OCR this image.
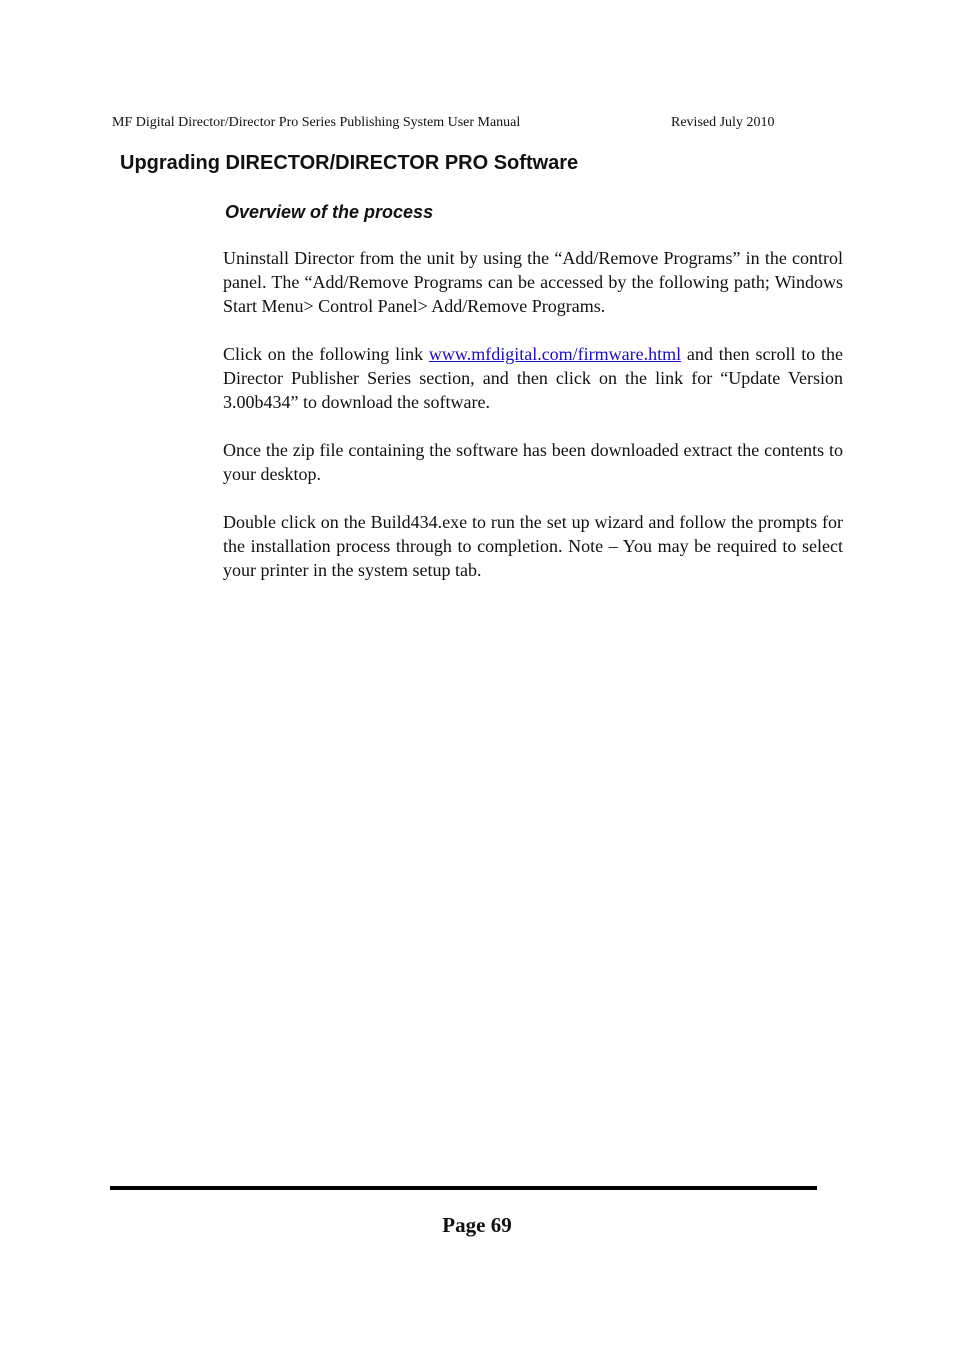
MF Digital Director/Director Pro Series Publishing System User Manual	Revised July 2010
Upgrading DIRECTOR/DIRECTOR PRO Software
Overview of the process

Uninstall Director from the unit by using the “Add/Remove Programs” in the control panel. The “Add/Remove Programs can be accessed by the following path; Windows Start Menu> Control Panel> Add/Remove Programs.

Click on the following link www.mfdigital.com/firmware.html and then scroll to the Director Publisher Series section, and then click on the link for “Update Version 3.00b434” to download the software.

Once the zip file containing the software has been downloaded extract the contents to your desktop.

Double click on the Build434.exe to run the set up wizard and follow the prompts for the installation process through to completion. Note – You may be required to select your printer in the system setup tab.

Page 69
